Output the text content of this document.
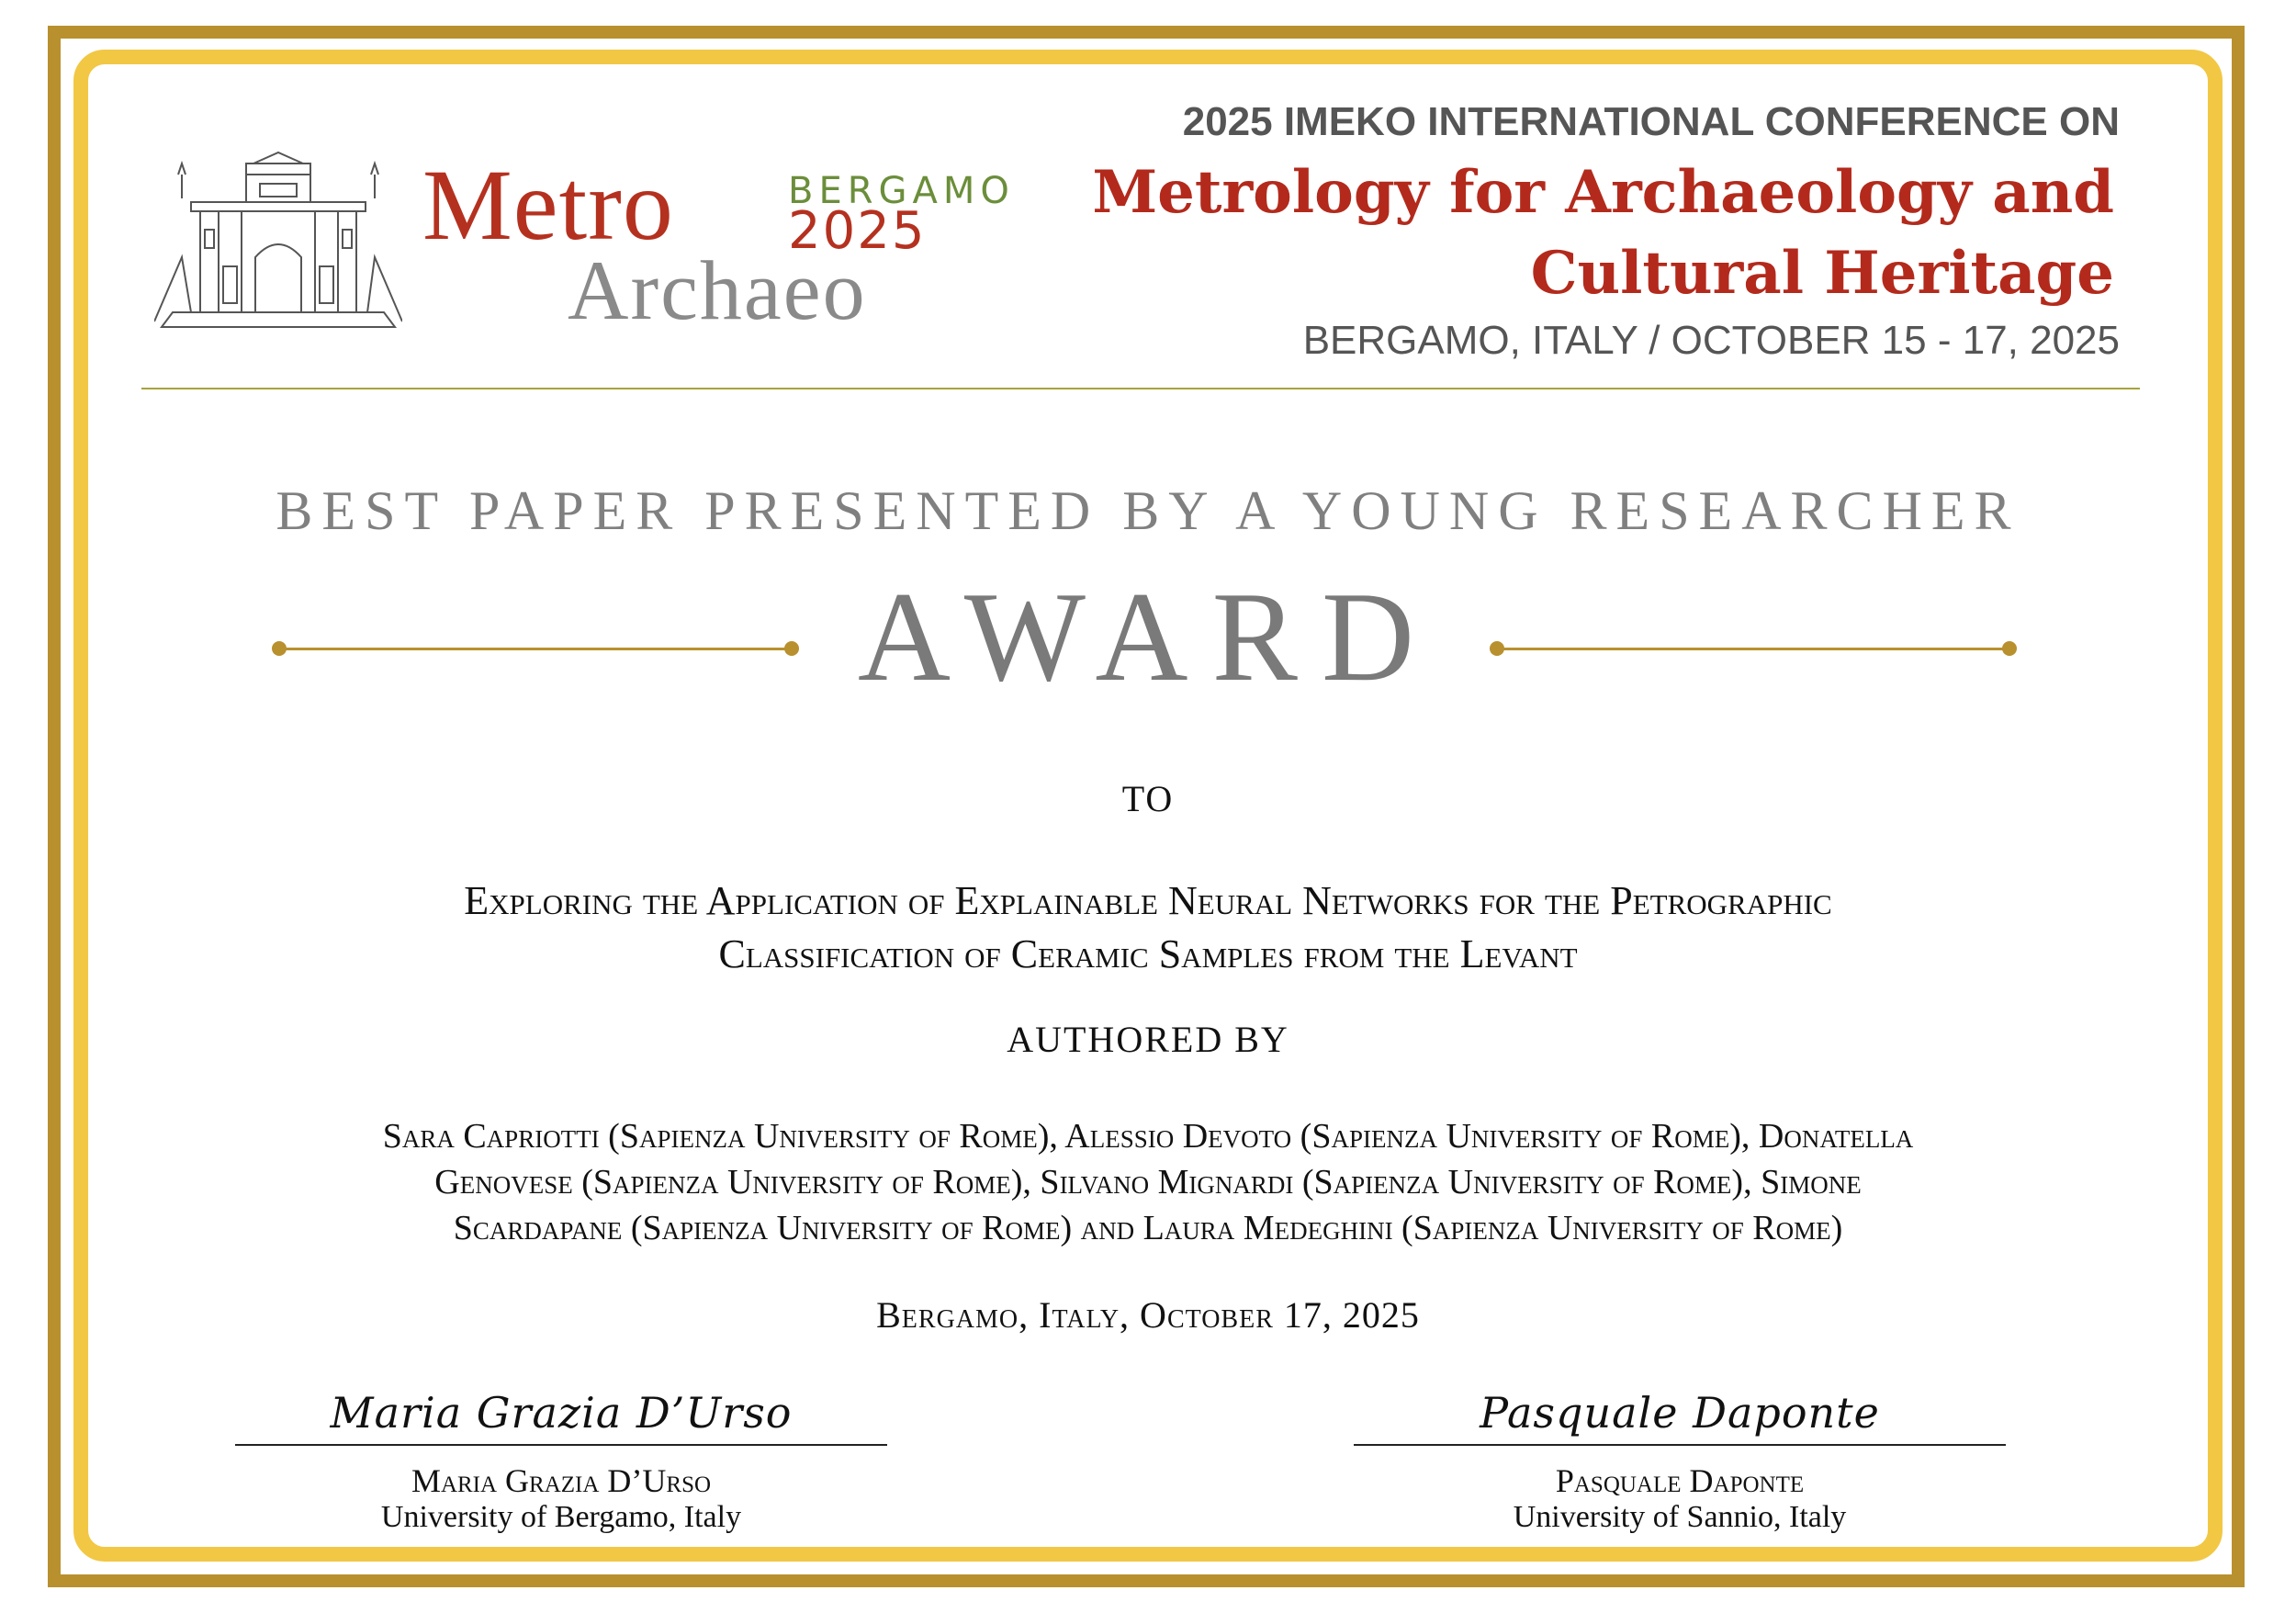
Metro	BERGAMO
2025
Archaeo
2025 IMEKO INTERNATIONAL CONFERENCE ON
Metrology for Archaeology and
Cultural Heritage
BERGAMO, ITALY / OCTOBER 15 - 17, 2025
BEST PAPER PRESENTED BY A YOUNG RESEARCHER
AWARD
TO
Exploring the Application of Explainable Neural Networks for the Petrographic
Classification of Ceramic Samples from the Levant
AUTHORED BY
Sara Capriotti (Sapienza University of Rome), Alessio Devoto (Sapienza University of Rome), Donatella
Genovese (Sapienza University of Rome), Silvano Mignardi (Sapienza University of Rome), Simone
Scardapane (Sapienza University of Rome) and Laura Medeghini (Sapienza University of Rome)
Bergamo, Italy, October 17, 2025
Maria Grazia D’Urso
Maria Grazia D’Urso
University of Bergamo, Italy
Pasquale Daponte
Pasquale Daponte
University of Sannio, Italy
